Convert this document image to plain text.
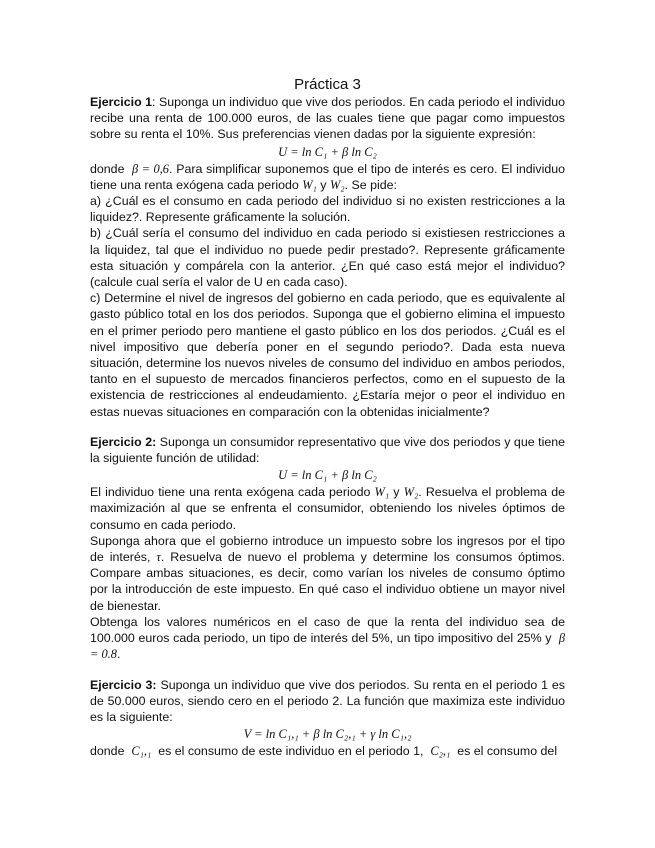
Práctica 3

Ejercicio 1: Suponga un individuo que vive dos periodos. En cada periodo el individuo recibe una renta de 100.000 euros, de las cuales tiene que pagar como impuestos sobre su renta el 10%. Sus preferencias vienen dadas por la siguiente expresión:

U = ln C₁ + β ln C₂

donde β = 0,6. Para simplificar suponemos que el tipo de interés es cero. El individuo tiene una renta exógena cada periodo W₁ y W₂. Se pide:

a) ¿Cuál es el consumo en cada periodo del individuo si no existen restricciones a la liquidez?. Represente gráficamente la solución.

b) ¿Cuál sería el consumo del individuo en cada periodo si existiesen restricciones a la liquidez, tal que el individuo no puede pedir prestado?. Represente gráficamente esta situación y compárela con la anterior. ¿En qué caso está mejor el individuo? (calcule cual sería el valor de U en cada caso).

c) Determine el nivel de ingresos del gobierno en cada periodo, que es equivalente al gasto público total en los dos periodos. Suponga que el gobierno elimina el impuesto en el primer periodo pero mantiene el gasto público en los dos periodos. ¿Cuál es el nivel impositivo que debería poner en el segundo periodo?. Dada esta nueva situación, determine los nuevos niveles de consumo del individuo en ambos periodos, tanto en el supuesto de mercados financieros perfectos, como en el supuesto de la existencia de restricciones al endeudamiento. ¿Estaría mejor o peor el individuo en estas nuevas situaciones en comparación con la obtenidas inicialmente?

Ejercicio 2: Suponga un consumidor representativo que vive dos periodos y que tiene la siguiente función de utilidad:

U = ln C₁ + β ln C₂

El individuo tiene una renta exógena cada periodo W₁ y W₂. Resuelva el problema de maximización al que se enfrenta el consumidor, obteniendo los niveles óptimos de consumo en cada periodo.

Suponga ahora que el gobierno introduce un impuesto sobre los ingresos por el tipo de interés, τ. Resuelva de nuevo el problema y determine los consumos óptimos. Compare ambas situaciones, es decir, como varían los niveles de consumo óptimo por la introducción de este impuesto. En qué caso el individuo obtiene un mayor nivel de bienestar.

Obtenga los valores numéricos en el caso de que la renta del individuo sea de 100.000 euros cada periodo, un tipo de interés del 5%, un tipo impositivo del 25% y β = 0.8.

Ejercicio 3: Suponga un individuo que vive dos periodos. Su renta en el periodo 1 es de 50.000 euros, siendo cero en el periodo 2. La función que maximiza este individuo es la siguiente:

V = ln C₁,₁ + β ln C₂,₁ + γ ln C₁,₂

donde C₁,₁ es el consumo de este individuo en el periodo 1, C₂,₁ es el consumo del
